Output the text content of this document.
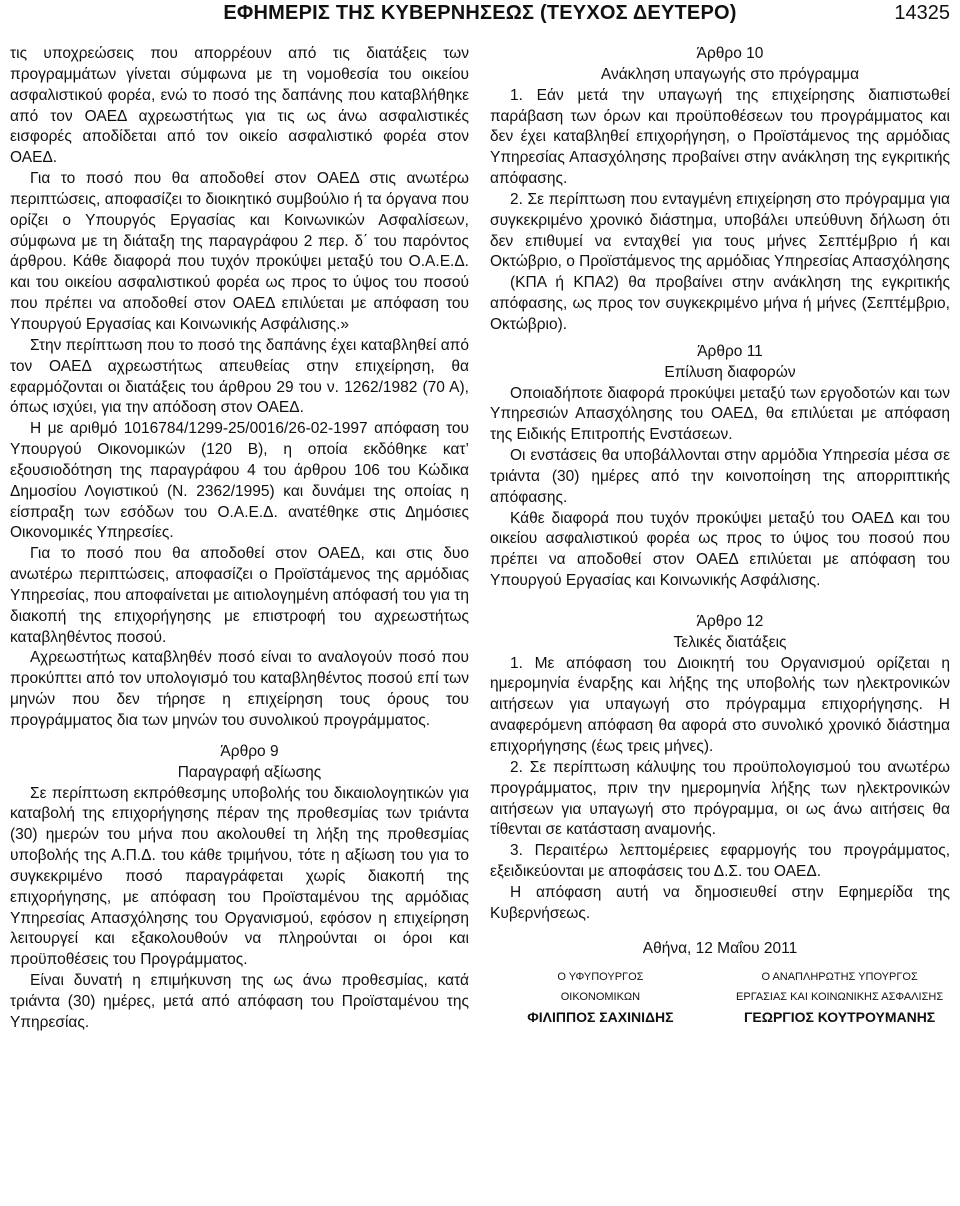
ΕΦΗΜΕΡΙΣ ΤΗΣ ΚΥΒΕΡΝΗΣΕΩΣ (ΤΕΥΧΟΣ ΔΕΥΤΕΡΟ)	14325

τις υποχρεώσεις που απορρέουν από τις διατάξεις των προγραμμάτων γίνεται σύμφωνα με τη νομοθεσία του οικείου ασφαλιστικού φορέα, ενώ το ποσό της δαπάνης που καταβλήθηκε από τον ΟΑΕΔ αχρεωστήτως για τις ως άνω ασφαλιστικές εισφορές αποδίδεται από τον οικείο ασφαλιστικό φορέα στον ΟΑΕΔ.

Για το ποσό που θα αποδοθεί στον ΟΑΕΔ στις ανωτέρω περιπτώσεις, αποφασίζει το διοικητικό συμβούλιο ή τα όργανα που ορίζει ο Υπουργός Εργασίας και Κοινωνικών Ασφαλίσεων, σύμφωνα με τη διάταξη της παραγράφου 2 περ. δ΄ του παρόντος άρθρου. Κάθε διαφορά που τυχόν προκύψει μεταξύ του Ο.Α.Ε.Δ. και του οικείου ασφαλιστικού φορέα ως προς το ύψος του ποσού που πρέπει να αποδοθεί στον ΟΑΕΔ επιλύεται με απόφαση του Υπουργού Εργασίας και Κοινωνικής Ασφάλισης.»

Στην περίπτωση που το ποσό της δαπάνης έχει καταβληθεί από τον ΟΑΕΔ αχρεωστήτως απευθείας στην επιχείρηση, θα εφαρμόζονται οι διατάξεις του άρθρου 29 του ν. 1262/1982 (70 Α), όπως ισχύει, για την απόδοση στον ΟΑΕΔ.

Η με αριθμό 1016784/1299-25/0016/26-02-1997 απόφαση του Υπουργού Οικονομικών (120 Β), η οποία εκδόθηκε κατ’ εξουσιοδότηση της παραγράφου 4 του άρθρου 106 του Κώδικα Δημοσίου Λογιστικού (Ν. 2362/1995) και δυνάμει της οποίας η είσπραξη των εσόδων του Ο.Α.Ε.Δ. ανατέθηκε στις Δημόσιες Οικονομικές Υπηρεσίες.

Για το ποσό που θα αποδοθεί στον ΟΑΕΔ, και στις δυο ανωτέρω περιπτώσεις, αποφασίζει ο Προϊστάμενος της αρμόδιας Υπηρεσίας, που αποφαίνεται με αιτιολογημένη απόφασή του για τη διακοπή της επιχορήγησης με επιστροφή του αχρεωστήτως καταβληθέντος ποσού.

Αχρεωστήτως καταβληθέν ποσό είναι το αναλογούν ποσό που προκύπτει από τον υπολογισμό του καταβληθέντος ποσού επί των μηνών που δεν τήρησε η επιχείρηση τους όρους του προγράμματος δια των μηνών του συνολικού προγράμματος.

Άρθρο 9

Παραγραφή αξίωσης

Σε περίπτωση εκπρόθεσμης υποβολής του δικαιολογητικών για καταβολή της επιχορήγησης πέραν της προθεσμίας των τριάντα (30) ημερών του μήνα που ακολουθεί τη λήξη της προθεσμίας υποβολής της Α.Π.Δ. του κάθε τριμήνου, τότε η αξίωση του για το συγκεκριμένο ποσό παραγράφεται χωρίς διακοπή της επιχορήγησης, με απόφαση του Προϊσταμένου της αρμόδιας Υπηρεσίας Απασχόλησης του Οργανισμού, εφόσον η επιχείρηση λειτουργεί και εξακολουθούν να πληρούνται οι όροι και προϋποθέσεις του Προγράμματος.

Είναι δυνατή η επιμήκυνση της ως άνω προθεσμίας, κατά τριάντα (30) ημέρες, μετά από απόφαση του Προϊσταμένου της Υπηρεσίας.

Άρθρο 10

Ανάκληση υπαγωγής στο πρόγραμμα

1. Εάν μετά την υπαγωγή της επιχείρησης διαπιστωθεί παράβαση των όρων και προϋποθέσεων του προγράμματος και δεν έχει καταβληθεί επιχορήγηση, ο Προϊστάμενος της αρμόδιας Υπηρεσίας Απασχόλησης προβαίνει στην ανάκληση της εγκριτικής απόφασης.

2. Σε περίπτωση που ενταγμένη επιχείρηση στο πρόγραμμα για συγκεκριμένο χρονικό διάστημα, υποβάλει υπεύθυνη δήλωση ότι δεν επιθυμεί να ενταχθεί για τους μήνες Σεπτέμβριο ή και Οκτώβριο, ο Προϊστάμενος της αρμόδιας Υπηρεσίας Απασχόλησης

(ΚΠΑ ή ΚΠΑ2) θα προβαίνει στην ανάκληση της εγκριτικής απόφασης, ως προς τον συγκεκριμένο μήνα ή μήνες (Σεπτέμβριο, Οκτώβριο).

Άρθρο 11

Επίλυση διαφορών

Οποιαδήποτε διαφορά προκύψει μεταξύ των εργοδοτών και των Υπηρεσιών Απασχόλησης του ΟΑΕΔ, θα επιλύεται με απόφαση της Ειδικής Επιτροπής Ενστάσεων.

Οι ενστάσεις θα υποβάλλονται στην αρμόδια Υπηρεσία μέσα σε τριάντα (30) ημέρες από την κοινοποίηση της απορριπτικής απόφασης.

Κάθε διαφορά που τυχόν προκύψει μεταξύ του ΟΑΕΔ και του οικείου ασφαλιστικού φορέα ως προς το ύψος του ποσού που πρέπει να αποδοθεί στον ΟΑΕΔ επιλύεται με απόφαση του Υπουργού Εργασίας και Κοινωνικής Ασφάλισης.

Άρθρο 12

Τελικές διατάξεις

1. Με απόφαση του Διοικητή του Οργανισμού ορίζεται η ημερομηνία έναρξης και λήξης της υποβολής των ηλεκτρονικών αιτήσεων για υπαγωγή στο πρόγραμμα επιχορήγησης. Η αναφερόμενη απόφαση θα αφορά στο συνολικό χρονικό διάστημα επιχορήγησης (έως τρεις μήνες).

2. Σε περίπτωση κάλυψης του προϋπολογισμού του ανωτέρω προγράμματος, πριν την ημερομηνία λήξης των ηλεκτρονικών αιτήσεων για υπαγωγή στο πρόγραμμα, οι ως άνω αιτήσεις θα τίθενται σε κατάσταση αναμονής.

3. Περαιτέρω λεπτομέρειες εφαρμογής του προγράμματος, εξειδικεύονται με αποφάσεις του Δ.Σ. του ΟΑΕΔ.

Η απόφαση αυτή να δημοσιευθεί στην Εφημερίδα της Κυβερνήσεως.

Αθήνα, 12 Μαΐου 2011
Ο ΥΦΥΠΟΥΡΓΟΣ
ΟΙΚΟΝΟΜΙΚΩΝ
ΦΙΛΙΠΠΟΣ ΣΑΧΙΝΙΔΗΣ
Ο ΑΝΑΠΛΗΡΩΤΗΣ ΥΠΟΥΡΓΟΣ
ΕΡΓΑΣΙΑΣ ΚΑΙ ΚΟΙΝΩΝΙΚΗΣ ΑΣΦΑΛΙΣΗΣ
ΓΕΩΡΓΙΟΣ ΚΟΥΤΡΟΥΜΑΝΗΣ
